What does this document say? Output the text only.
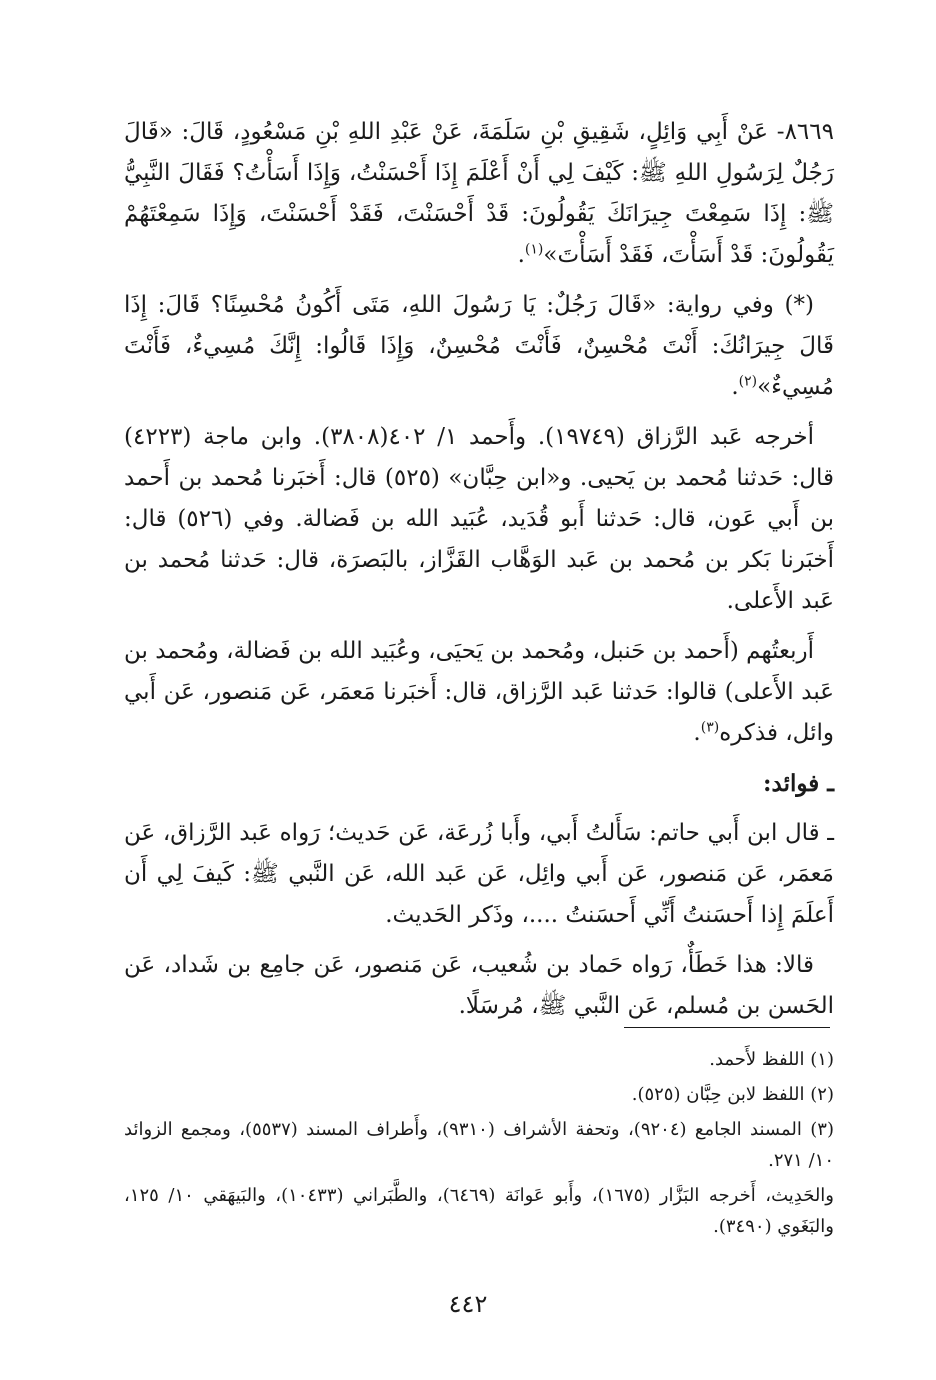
٨٦٦٩- عَنْ أَبِي وَائِلٍ، شَقِيقِ بْنِ سَلَمَةَ، عَنْ عَبْدِ اللهِ بْنِ مَسْعُودٍ، قَالَ: «قَالَ رَجُلٌ لِرَسُولِ اللهِ ﷺ: كَيْفَ لِي أَنْ أَعْلَمَ إِذَا أَحْسَنْتُ، وَإِذَا أَسَأْتُ؟ فَقَالَ النَّبِيُّ ﷺ: إِذَا سَمِعْتَ جِيرَانَكَ يَقُولُونَ: قَدْ أَحْسَنْتَ، فَقَدْ أَحْسَنْتَ، وَإِذَا سَمِعْتَهُمْ يَقُولُونَ: قَدْ أَسَأْتَ، فَقَدْ أَسَأْتَ»$^{(١)}$.

(*) وفي رواية: «قَالَ رَجُلٌ: يَا رَسُولَ اللهِ، مَتَى أَكُونُ مُحْسِنًا؟ قَالَ: إِذَا قَالَ جِيرَانُكَ: أَنْتَ مُحْسِنٌ، فَأَنْتَ مُحْسِنٌ، وَإِذَا قَالُوا: إِنَّكَ مُسِيءٌ، فَأَنْتَ مُسِيءٌ»$^{(٢)}$.

أخرجه عَبد الرَّزاق (١٩٧٤٩). وأَحمد ١/ ٤٠٢(٣٨٠٨). وابن ماجة (٤٢٢٣) قال: حَدثنا مُحمد بن يَحيى. و«ابن حِبَّان» (٥٢٥) قال: أَخبَرنا مُحمد بن أَحمد بن أَبي عَون، قال: حَدثنا أَبو قُدَيد، عُبَيد الله بن فَضالة. وفي (٥٢٦) قال: أَخبَرنا بَكر بن مُحمد بن عَبد الوَهَّاب القَزَّاز، بالبَصرَة، قال: حَدثنا مُحمد بن عَبد الأَعلى.

أَربعتُهم (أَحمد بن حَنبل، ومُحمد بن يَحيَى، وعُبَيد الله بن فَضالة، ومُحمد بن عَبد الأَعلى) قالوا: حَدثنا عَبد الرَّزاق، قال: أَخبَرنا مَعمَر، عَن مَنصور، عَن أَبي وائل، فذكره$^{(٣)}$.

ـ فوائد:

ـ قال ابن أَبي حاتم: سَأَلتُ أَبي، وأَبا زُرعَة، عَن حَديث؛ رَواه عَبد الرَّزاق، عَن مَعمَر، عَن مَنصور، عَن أَبي وائِل، عَن عَبد الله، عَن النَّبي ﷺ: كَيفَ لِي أَن أَعلَمَ إِذا أَحسَنتُ أَنِّي أَحسَنتُ ....، وذَكر الحَديث.

قالا: هذا خَطَأٌ، رَواه حَماد بن شُعيب، عَن مَنصور، عَن جامِع بن شَداد، عَن الحَسن بن مُسلم، عَن النَّبي ﷺ، مُرسَلًا.

(١) اللفظ لأَحمد.

(٢) اللفظ لابن حِبَّان (٥٢٥).

(٣) المسند الجامع (٩٢٠٤)، وتحفة الأشراف (٩٣١٠)، وأَطراف المسند (٥٥٣٧)، ومجمع الزوائد ١٠/ ٢٧١.

والحَدِيث، أَخرجه البَزَّار (١٦٧٥)، وأَبو عَوانَة (٦٤٦٩)، والطَّبَراني (١٠٤٣٣)، والبَيهَقي ١٠/ ١٢٥، والبَغَوي (٣٤٩٠).

٤٤٢
